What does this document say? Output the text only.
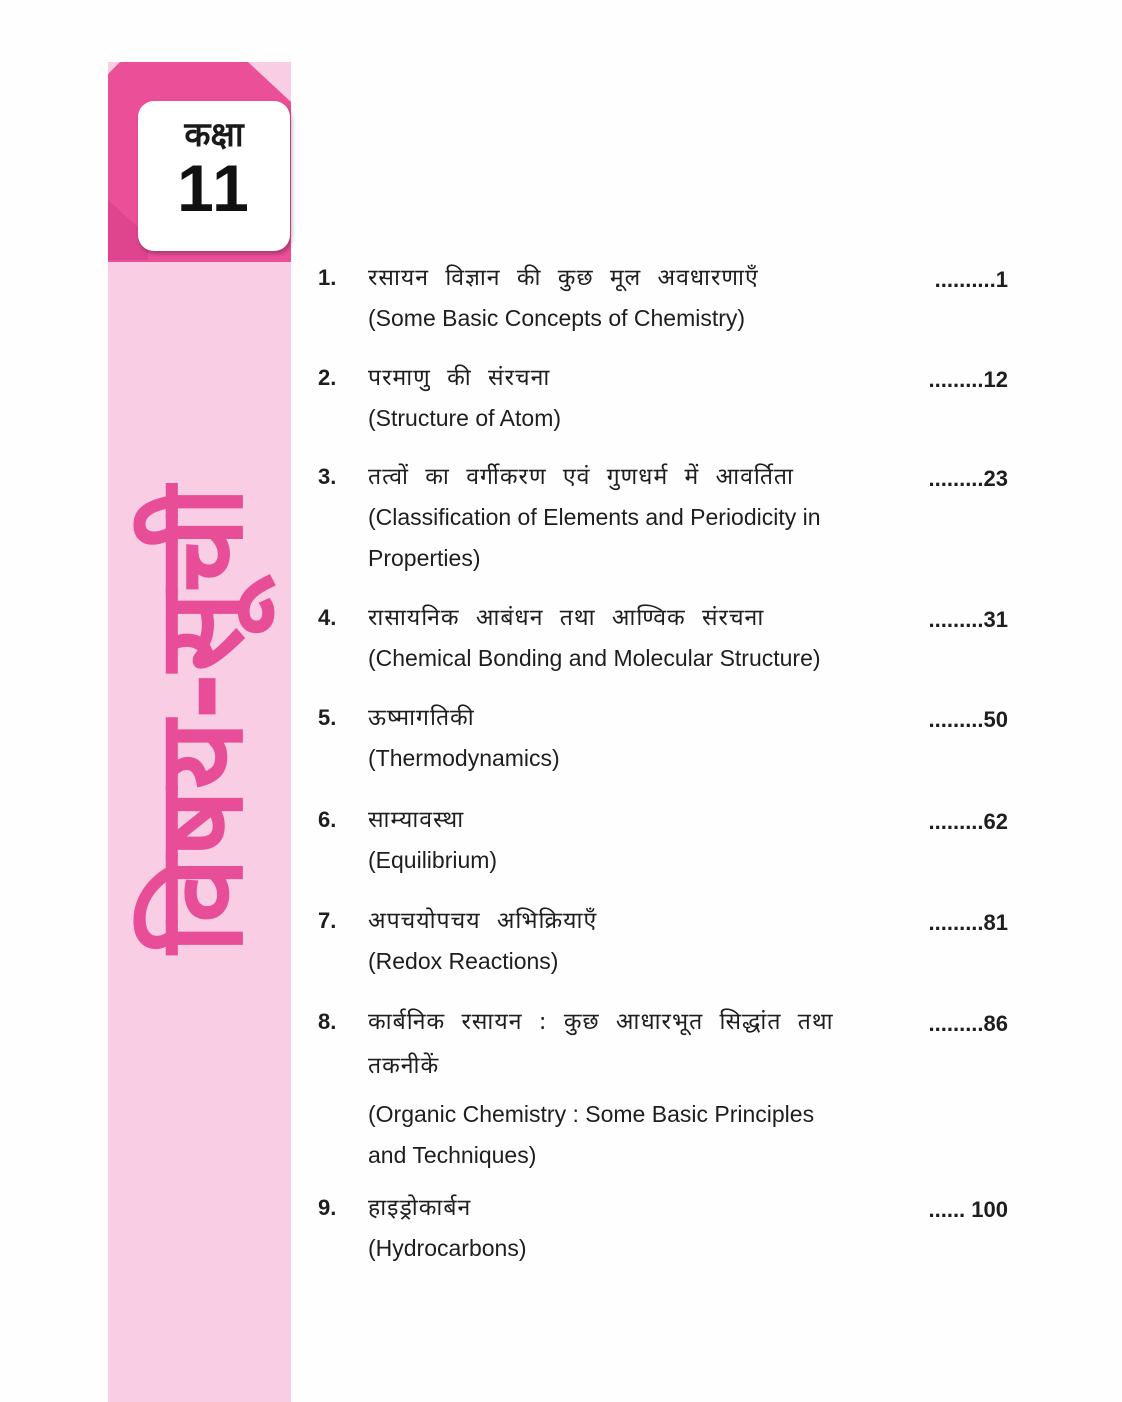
कक्षा
11
विषय-सूची
1. रसायन विज्ञान की कुछ मूल अवधारणाएँ
(Some Basic Concepts of Chemistry)
..........1
2. परमाणु की संरचना
(Structure of Atom)
.........12
3. तत्वों का वर्गीकरण एवं गुणधर्म में आवर्तिता
(Classification of Elements and Periodicity in Properties)
.........23
4. रासायनिक आबंधन तथा आण्विक संरचना
(Chemical Bonding and Molecular Structure)
.........31
5. ऊष्मागतिकी
(Thermodynamics)
.........50
6. साम्यावस्था
(Equilibrium)
.........62
7. अपचयोपचय अभिक्रियाएँ
(Redox Reactions)
.........81
8. कार्बनिक रसायन : कुछ आधारभूत सिद्धांत तथा तकनीकें
(Organic Chemistry : Some Basic Principles and Techniques)
.........86
9. हाइड्रोकार्बन
(Hydrocarbons)
...... 100
